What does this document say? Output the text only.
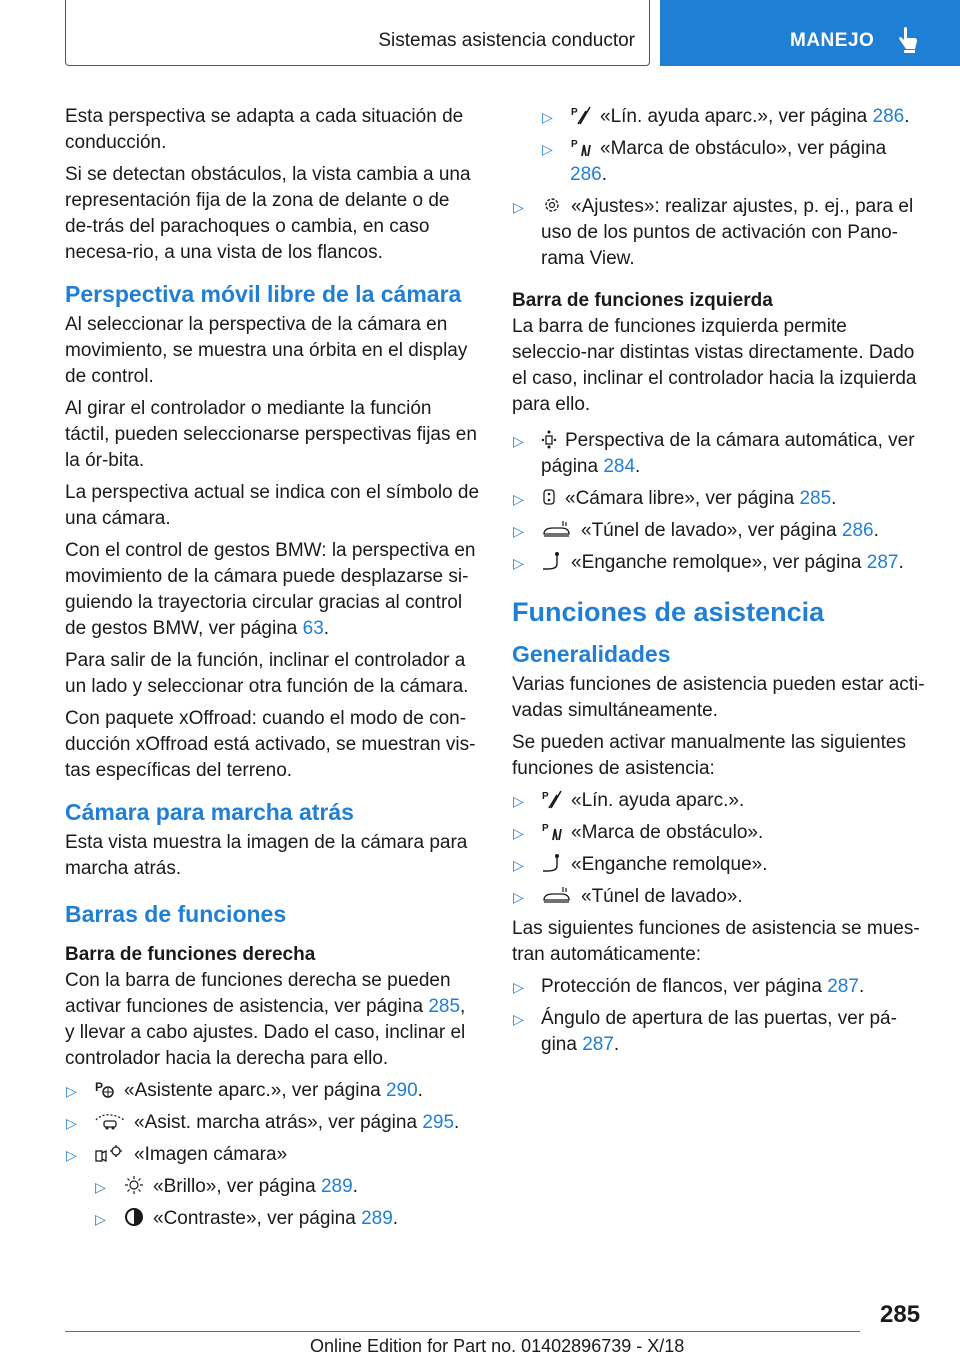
Sistemas asistencia conductor	MANEJO
Esta perspectiva se adapta a cada situación de conducción.
Si se detectan obstáculos, la vista cambia a una representación fija de la zona de delante o de de-trás del parachoques o cambia, en caso necesa-rio, a una vista de los flancos.
Perspectiva móvil libre de la cámara
Al seleccionar la perspectiva de la cámara en movimiento, se muestra una órbita en el display de control.
Al girar el controlador o mediante la función táctil, pueden seleccionarse perspectivas fijas en la ór-bita.
La perspectiva actual se indica con el símbolo de una cámara.
Con el control de gestos BMW: la perspectiva en movimiento de la cámara puede desplazarse si-guiendo la trayectoria circular gracias al control de gestos BMW, ver página 63.
Para salir de la función, inclinar el controlador a un lado y seleccionar otra función de la cámara.
Con paquete xOffroad: cuando el modo de con-ducción xOffroad está activado, se muestran vis-tas específicas del terreno.
Cámara para marcha atrás
Esta vista muestra la imagen de la cámara para marcha atrás.
Barras de funciones
Barra de funciones derecha
Con la barra de funciones derecha se pueden activar funciones de asistencia, ver página 285, y llevar a cabo ajustes. Dado el caso, inclinar el controlador hacia la derecha para ello.
▷ P «Asistente aparc.», ver página 290.
▷	«Asist. marcha atrás», ver página 295.
▷	«Imagen cámara»
▷ «Brillo», ver página 289.
▷ «Contraste», ver página 289.
▷ P «Lín. ayuda aparc.», ver página 286.
▷ P «Marca de obstáculo», ver página 286.
▷ «Ajustes»: realizar ajustes, p. ej., para el uso de los puntos de activación con Pano-rama View.
Barra de funciones izquierda
La barra de funciones izquierda permite seleccio-nar distintas vistas directamente. Dado el caso, inclinar el controlador hacia la izquierda para ello.
▷ Perspectiva de la cámara automática, ver página 284.
▷ «Cámara libre», ver página 285.
▷	«Túnel de lavado», ver página 286.
▷ «Enganche remolque», ver página 287.
Funciones de asistencia
Generalidades
Varias funciones de asistencia pueden estar acti-vadas simultáneamente.
Se pueden activar manualmente las siguientes funciones de asistencia:
▷ P «Lín. ayuda aparc.».
▷ P «Marca de obstáculo».
▷ «Enganche remolque».
▷	«Túnel de lavado».
Las siguientes funciones de asistencia se mues-tran automáticamente:
▷ Protección de flancos, ver página 287.
▷ Ángulo de apertura de las puertas, ver pá-gina 287.
285
Online Edition for Part no. 01402896739 - X/18
